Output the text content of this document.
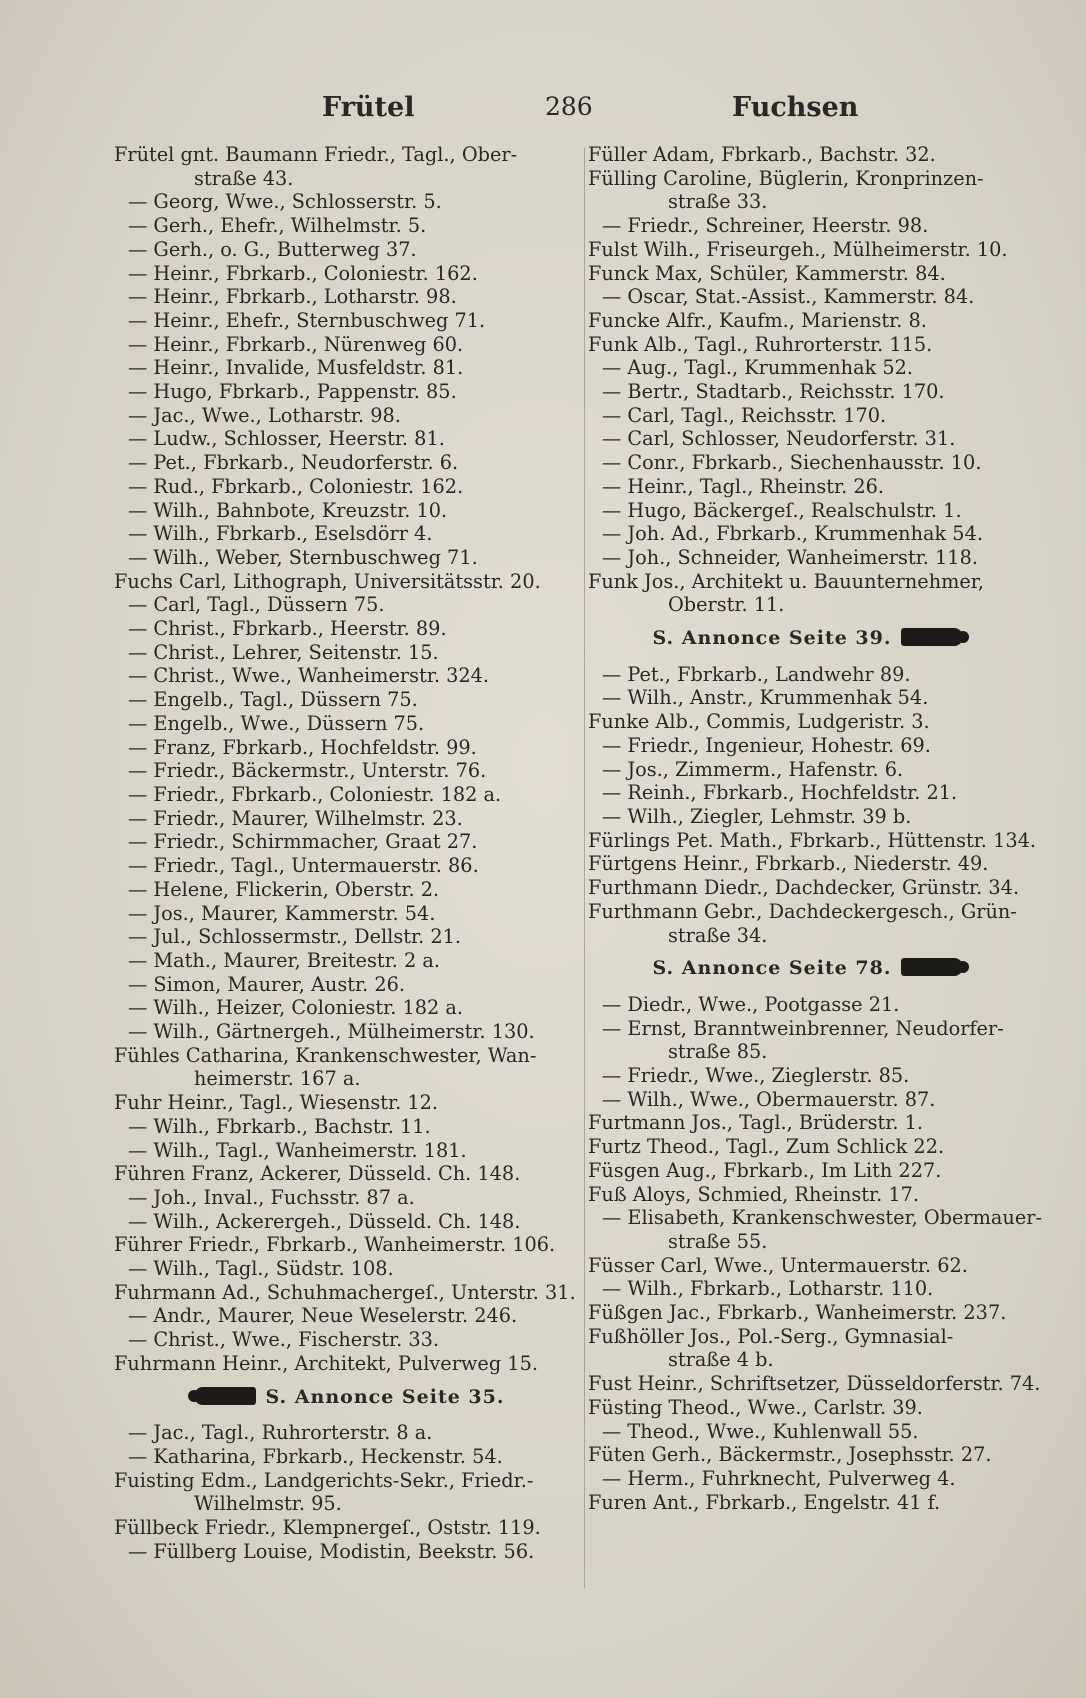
Frütel	286	Fuchsen
Frütel gnt. Baumann Friedr., Tagl., Ober-
straße 43.
— Georg, Wwe., Schlosserstr. 5.
— Gerh., Ehefr., Wilhelmstr. 5.
— Gerh., o. G., Butterweg 37.
— Heinr., Fbrkarb., Coloniestr. 162.
— Heinr., Fbrkarb., Lotharstr. 98.
— Heinr., Ehefr., Sternbuschweg 71.
— Heinr., Fbrkarb., Nürenweg 60.
— Heinr., Invalide, Musfeldstr. 81.
— Hugo, Fbrkarb., Pappenstr. 85.
— Jac., Wwe., Lotharstr. 98.
— Ludw., Schlosser, Heerstr. 81.
— Pet., Fbrkarb., Neudorferstr. 6.
— Rud., Fbrkarb., Coloniestr. 162.
— Wilh., Bahnbote, Kreuzstr. 10.
— Wilh., Fbrkarb., Eselsdörr 4.
— Wilh., Weber, Sternbuschweg 71.
Fuchs Carl, Lithograph, Universitätsstr. 20.
— Carl, Tagl., Düssern 75.
— Christ., Fbrkarb., Heerstr. 89.
— Christ., Lehrer, Seitenstr. 15.
— Christ., Wwe., Wanheimerstr. 324.
— Engelb., Tagl., Düssern 75.
— Engelb., Wwe., Düssern 75.
— Franz, Fbrkarb., Hochfeldstr. 99.
— Friedr., Bäckermstr., Unterstr. 76.
— Friedr., Fbrkarb., Coloniestr. 182 a.
— Friedr., Maurer, Wilhelmstr. 23.
— Friedr., Schirmmacher, Graat 27.
— Friedr., Tagl., Untermauerstr. 86.
— Helene, Flickerin, Oberstr. 2.
— Jos., Maurer, Kammerstr. 54.
— Jul., Schlossermstr., Dellstr. 21.
— Math., Maurer, Breitestr. 2 a.
— Simon, Maurer, Austr. 26.
— Wilh., Heizer, Coloniestr. 182 a.
— Wilh., Gärtnergeh., Mülheimerstr. 130.
Fühles Catharina, Krankenschwester, Wan-
heimerstr. 167 a.
Fuhr Heinr., Tagl., Wiesenstr. 12.
— Wilh., Fbrkarb., Bachstr. 11.
— Wilh., Tagl., Wanheimerstr. 181.
Führen Franz, Ackerer, Düsseld. Ch. 148.
— Joh., Inval., Fuchsstr. 87 a.
— Wilh., Ackerergeh., Düsseld. Ch. 148.
Führer Friedr., Fbrkarb., Wanheimerstr. 106.
— Wilh., Tagl., Südstr. 108.
Fuhrmann Ad., Schuhmachergeſ., Unterstr. 31.
— Andr., Maurer, Neue Weselerstr. 246.
— Christ., Wwe., Fischerstr. 33.
Fuhrmann Heinr., Architekt, Pulverweg 15.
S. Annonce Seite 35.
— Jac., Tagl., Ruhrorterstr. 8 a.
— Katharina, Fbrkarb., Heckenstr. 54.
Fuisting Edm., Landgerichts-Sekr., Friedr.-
Wilhelmstr. 95.
Füllbeck Friedr., Klempnergeſ., Oststr. 119.
— Füllberg Louise, Modistin, Beekstr. 56.
Füller Adam, Fbrkarb., Bachstr. 32.
Fülling Caroline, Büglerin, Kronprinzen-
straße 33.
— Friedr., Schreiner, Heerstr. 98.
Fulst Wilh., Friseurgeh., Mülheimerstr. 10.
Funck Max, Schüler, Kammerstr. 84.
— Oscar, Stat.-Assist., Kammerstr. 84.
Funcke Alfr., Kaufm., Marienstr. 8.
Funk Alb., Tagl., Ruhrorterstr. 115.
— Aug., Tagl., Krummenhak 52.
— Bertr., Stadtarb., Reichsstr. 170.
— Carl, Tagl., Reichsstr. 170.
— Carl, Schlosser, Neudorferstr. 31.
— Conr., Fbrkarb., Siechenhausstr. 10.
— Heinr., Tagl., Rheinstr. 26.
— Hugo, Bäckergeſ., Realschulstr. 1.
— Joh. Ad., Fbrkarb., Krummenhak 54.
— Joh., Schneider, Wanheimerstr. 118.
Funk Jos., Architekt u. Bauunternehmer,
Oberstr. 11.
S. Annonce Seite 39.
— Pet., Fbrkarb., Landwehr 89.
— Wilh., Anstr., Krummenhak 54.
Funke Alb., Commis, Ludgeristr. 3.
— Friedr., Ingenieur, Hohestr. 69.
— Jos., Zimmerm., Hafenstr. 6.
— Reinh., Fbrkarb., Hochfeldstr. 21.
— Wilh., Ziegler, Lehmstr. 39 b.
Fürlings Pet. Math., Fbrkarb., Hüttenstr. 134.
Fürtgens Heinr., Fbrkarb., Niederstr. 49.
Furthmann Diedr., Dachdecker, Grünstr. 34.
Furthmann Gebr., Dachdeckergesch., Grün-
straße 34.
S. Annonce Seite 78.
— Diedr., Wwe., Pootgasse 21.
— Ernst, Branntweinbrenner, Neudorfer-
straße 85.
— Friedr., Wwe., Zieglerstr. 85.
— Wilh., Wwe., Obermauerstr. 87.
Furtmann Jos., Tagl., Brüderstr. 1.
Furtz Theod., Tagl., Zum Schlick 22.
Füsgen Aug., Fbrkarb., Im Lith 227.
Fuß Aloys, Schmied, Rheinstr. 17.
— Elisabeth, Krankenschwester, Obermauer-
straße 55.
Füsser Carl, Wwe., Untermauerstr. 62.
— Wilh., Fbrkarb., Lotharstr. 110.
Füßgen Jac., Fbrkarb., Wanheimerstr. 237.
Fußhöller Jos., Pol.-Serg., Gymnasial-
straße 4 b.
Fust Heinr., Schriftsetzer, Düsseldorferstr. 74.
Füsting Theod., Wwe., Carlstr. 39.
— Theod., Wwe., Kuhlenwall 55.
Füten Gerh., Bäckermstr., Josephsstr. 27.
— Herm., Fuhrknecht, Pulverweg 4.
Furen Ant., Fbrkarb., Engelstr. 41 f.
